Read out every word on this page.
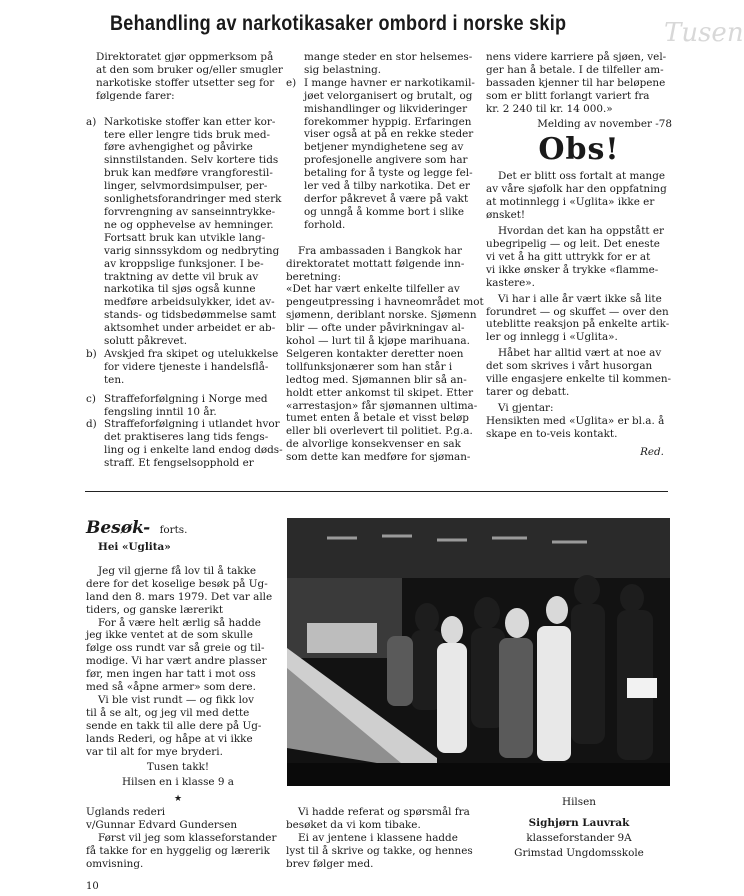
Behandling av narkotikasaker ombord i norske skip	Tusen
Direktoratet gjør oppmerksom på
at den som bruker og/eller smugler
narkotiske stoffer utsetter seg for
følgende farer:
a) Narkotiske stoffer kan etter kor-
tere eller lengre tids bruk med-
føre avhengighet og påvirke
sinnstilstanden. Selv kortere tids
bruk kan medføre vrangforestil-
linger, selvmordsimpulser, per-
sonlighetsforandringer med sterk
forvrengning av sanseinntrykke-
ne og opphevelse av hemninger.
Fortsatt bruk kan utvikle lang-
varig sinnssykdom og nedbryting
av kroppslige funksjoner. I be-
traktning av dette vil bruk av
narkotika til sjøs også kunne
medføre arbeidsulykker, idet av-
stands- og tidsbedømmelse samt
aktsomhet under arbeidet er ab-
solutt påkrevet.
b) Avskjed fra skipet og utelukkelse
for videre tjeneste i handelsflå-
ten.
c) Straffeforfølgning i Norge med
fengsling inntil 10 år.
d) Straffeforfølgning i utlandet hvor
det praktiseres lang tids fengs-
ling og i enkelte land endog døds-
straff. Et fengselsopphold er
mange steder en stor helsemes-
sig belastning.
e) I mange havner er narkotikamil-
jøet velorganisert og brutalt, og
mishandlinger og likvideringer
forekommer hyppig. Erfaringen
viser også at på en rekke steder
betjener myndighetene seg av
profesjonelle angivere som har
betaling for å tyste og legge fel-
ler ved å tilby narkotika. Det er
derfor påkrevet å være på vakt
og unngå å komme bort i slike
forhold.
Fra ambassaden i Bangkok har
direktoratet mottatt følgende inn-
beretning:
«Det har vært enkelte tilfeller av
pengeutpressing i havneområdet mot
sjømenn, deriblant norske. Sjømenn
blir — ofte under påvirkningav al-
kohol — lurt til å kjøpe marihuana.
Selgeren kontakter deretter noen
tollfunksjonærer som han står i
ledtog med. Sjømannen blir så an-
holdt etter ankomst til skipet. Etter
«arrestasjon» får sjømannen ultima-
tumet enten å betale et visst beløp
eller bli overlevert til politiet. P.g.a.
de alvorlige konsekvenser en sak
som dette kan medføre for sjøman-
nens videre karriere på sjøen, vel-
ger han å betale. I de tilfeller am-
bassaden kjenner til har beløpene
som er blitt forlangt variert fra
kr. 2 240 til kr. 14 000.»
Melding av november -78
Obs!
Det er blitt oss fortalt at mange
av våre sjøfolk har den oppfatning
at motinnlegg i «Uglita» ikke er
ønsket!
Hvordan det kan ha oppstått er
ubegripelig — og leit. Det eneste
vi vet å ha gitt uttrykk for er at
vi ikke ønsker å trykke «flamme-
kastere».
Vi har i alle år vært ikke så lite
forundret — og skuffet — over den
uteblitte reaksjon på enkelte artik-
ler og innlegg i «Uglita».
Håbet har alltid vært at noe av
det som skrives i vårt husorgan
ville engasjere enkelte til kommen-
tarer og debatt.
Vi gjentar:
Hensikten med «Uglita» er bl.a. å
skape en to-veis kontakt.
Red.
Besøk- forts.
Hei «Uglita»
Jeg vil gjerne få lov til å takke
dere for det koselige besøk på Ug-
land den 8. mars 1979. Det var alle
tiders, og ganske lærerikt
For å være helt ærlig så hadde
jeg ikke ventet at de som skulle
følge oss rundt var så greie og til-
modige. Vi har vært andre plasser
før, men ingen har tatt i mot oss
med så «åpne armer» som dere.
Vi ble vist rundt — og fikk lov
til å se alt, og jeg vil med dette
sende en takk til alle dere på Ug-
lands Rederi, og håpe at vi ikke
var til alt for mye bryderi.
Tusen takk!
Hilsen en i klasse 9 a
★
Uglands rederi
v/Gunnar Edvard Gundersen
Først vil jeg som klasseforstander
få takke for en hyggelig og lærerik
omvisning.
Vi hadde referat og spørsmål fra
besøket da vi kom tibake.
Ei av jentene i klassene hadde
lyst til å skrive og takke, og hennes
brev følger med.
Hilsen
Sighjørn Lauvrak
klasseforstander 9A
Grimstad Ungdomsskole
10
